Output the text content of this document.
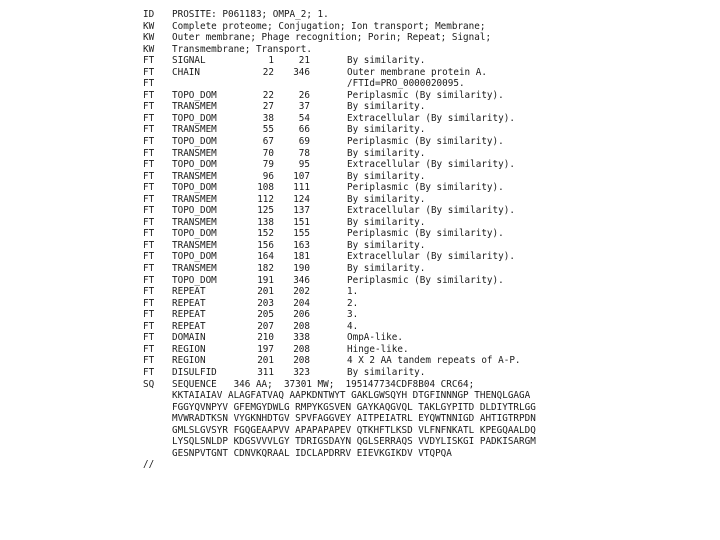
ID PROSITE: P061183; OMPA_2; 1.
KW Complete proteome; Conjugation; Ion transport; Membrane;
KW Outer membrane; Phage recognition; Porin; Repeat; Signal;
KW Transmembrane; Transport.
FT SIGNAL	1	21	By similarity.
FT CHAIN	22 346	Outer membrane protein A.
FT	/FTId=PRO_0000020095.
FT TOPO_DOM	22	26	Periplasmic (By similarity).
FT TRANSMEM	27	37	By similarity.
FT TOPO_DOM	38	54	Extracellular (By similarity).
FT TRANSMEM	55	66	By similarity.
FT TOPO_DOM	67	69	Periplasmic (By similarity).
FT TRANSMEM	70	78	By similarity.
FT TOPO_DOM	79	95	Extracellular (By similarity).
FT TRANSMEM	96 107	By similarity.
FT TOPO_DOM	108 111	Periplasmic (By similarity).
FT TRANSMEM	112 124	By similarity.
FT TOPO_DOM	125 137	Extracellular (By similarity).
FT TRANSMEM	138 151	By similarity.
FT TOPO_DOM	152 155	Periplasmic (By similarity).
FT TRANSMEM	156 163	By similarity.
FT TOPO_DOM	164 181	Extracellular (By similarity).
FT TRANSMEM	182 190	By similarity.
FT TOPO_DOM	191 346	Periplasmic (By similarity).
FT REPEAT	201 202	1.
FT REPEAT	203 204	2.
FT REPEAT	205 206	3.
FT REPEAT	207 208	4.
FT DOMAIN	210 338	OmpA-like.
FT REGION	197 208	Hinge-like.
FT REGION	201 208	4 X 2 AA tandem repeats of A-P.
FT DISULFID	311 323	By similarity.
SQ SEQUENCE   346 AA;  37301 MW;  195147734CDF8B04 CRC64;
KKTAIAIAV ALAGFATVAQ AAPKDNTWYT GAKLGWSQYH DTGFINNNGP THENQLGAGA
FGGYQVNPYV GFEMGYDWLG RMPYKGSVEN GAYKAQGVQL TAKLGYPITD DLDIYTRLGG
MVWRADTKSN VYGKNHDTGV SPVFAGGVEY AITPEIATRL EYQWTNNIGD AHTIGTRPDN
GMLSLGVSYR FGQGEAAPVV APAPAPAPEV QTKHFTLKSD VLFNFNKATL KPEGQAALDQ
LYSQLSNLDP KDGSVVVLGY TDRIGSDAYN QGLSERRAQS VVDYLISKGI PADKISARGM
GESNPVTGNT CDNVKQRAAL IDCLAPDRRV EIEVKGIKDV VTQPQA
//
